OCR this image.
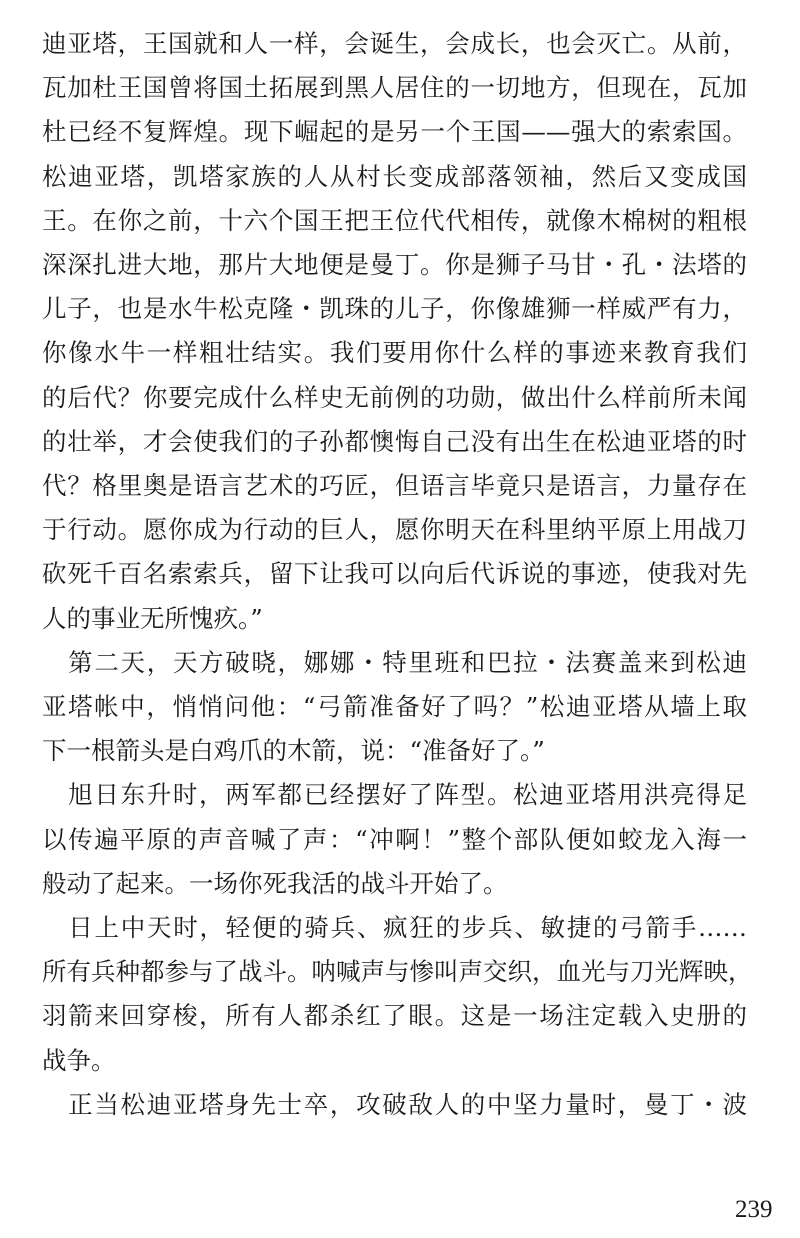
迪亚塔，王国就和人一样，会诞生，会成长，也会灭亡。从前，
瓦加杜王国曾将国土拓展到黑人居住的一切地方，但现在，瓦加
杜已经不复辉煌。现下崛起的是另一个王国——强大的索索国。
松迪亚塔，凯塔家族的人从村长变成部落领袖，然后又变成国
王。在你之前，十六个国王把王位代代相传，就像木棉树的粗根
深深扎进大地，那片大地便是曼丁。你是狮子马甘・孔・法塔的
儿子，也是水牛松克隆・凯珠的儿子，你像雄狮一样威严有力，
你像水牛一样粗壮结实。我们要用你什么样的事迹来教育我们
的后代？你要完成什么样史无前例的功勋，做出什么样前所未闻
的壮举，才会使我们的子孙都懊悔自己没有出生在松迪亚塔的时
代？格里奥是语言艺术的巧匠，但语言毕竟只是语言，力量存在
于行动。愿你成为行动的巨人，愿你明天在科里纳平原上用战刀
砍死千百名索索兵，留下让我可以向后代诉说的事迹，使我对先
人的事业无所愧疚。”
　第二天，天方破晓，娜娜・特里班和巴拉・法赛盖来到松迪
亚塔帐中，悄悄问他：“弓箭准备好了吗？”松迪亚塔从墙上取
下一根箭头是白鸡爪的木箭，说：“准备好了。”
　旭日东升时，两军都已经摆好了阵型。松迪亚塔用洪亮得足
以传遍平原的声音喊了声：“冲啊！”整个部队便如蛟龙入海一
般动了起来。一场你死我活的战斗开始了。
　日上中天时，轻便的骑兵、疯狂的步兵、敏捷的弓箭手……
所有兵种都参与了战斗。呐喊声与惨叫声交织，血光与刀光辉映，
羽箭来回穿梭，所有人都杀红了眼。这是一场注定载入史册的
战争。
　正当松迪亚塔身先士卒，攻破敌人的中坚力量时，曼丁・波
239
